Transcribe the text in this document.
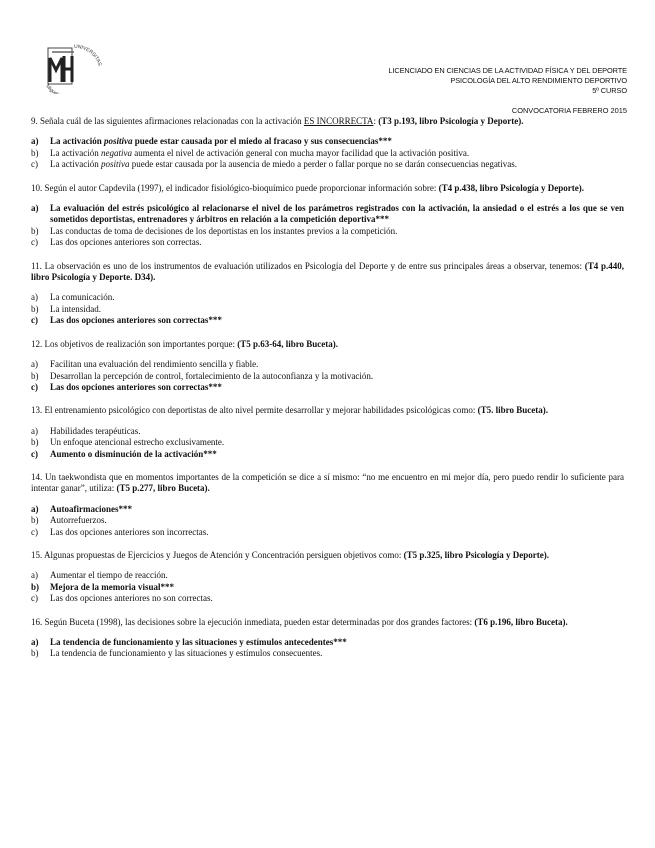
UNIVERSITAS
Migue
LICENCIADO EN CIENCIAS DE LA ACTIVIDAD FÍSICA Y DEL DEPORTE
PSICOLOGÍA DEL ALTO RENDIMIENTO DEPORTIVO
5º CURSO
CONVOCATORIA FEBRERO 2015
9. Señala cuál de las siguientes afirmaciones relacionadas con la activación ES INCORRECTA: (T3 p.193, libro Psicología y Deporte).
a)	La activación positiva puede estar causada por el miedo al fracaso y sus consecuencias***
b)	La activación negativa aumenta el nivel de activación general con mucha mayor facilidad que la activación positiva.
c)	La activación positiva puede estar causada por la ausencia de miedo a perder o fallar porque no se darán consecuencias negativas.
10. Según el autor Capdevila (1997), el indicador fisiológico-bioquímico puede proporcionar información sobre: (T4 p.438, libro Psicología y Deporte).
a)	La evaluación del estrés psicológico al relacionarse el nivel de los parámetros registrados con la activación, la ansiedad o el estrés a los que se ven sometidos deportistas, entrenadores y árbitros en relación a la competición deportiva***
b)	Las conductas de toma de decisiones de los deportistas en los instantes previos a la competición.
c)	Las dos opciones anteriores son correctas.
11. La observación es uno de los instrumentos de evaluación utilizados en Psicología del Deporte y de entre sus principales áreas a observar, tenemos: (T4 p.440, libro Psicología y Deporte. D34).
a)	La comunicación.
b)	La intensidad.
c)	Las dos opciones anteriores son correctas***
12. Los objetivos de realización son importantes porque: (T5 p.63-64, libro Buceta).
a)	Facilitan una evaluación del rendimiento sencilla y fiable.
b)	Desarrollan la percepción de control, fortalecimiento de la autoconfianza y la motivación.
c)	Las dos opciones anteriores son correctas***
13. El entrenamiento psicológico con deportistas de alto nivel permite desarrollar y mejorar habilidades psicológicas como: (T5. libro Buceta).
a)	Habilidades terapéuticas.
b)	Un enfoque atencional estrecho exclusivamente.
c)	Aumento o disminución de la activación***
14. Un taekwondista que en momentos importantes de la competición se dice a sí mismo: “no me encuentro en mi mejor día, pero puedo rendir lo suficiente para intentar ganar”, utiliza: (T5 p.277, libro Buceta).
a)	Autoafirmaciones***
b)	Autorrefuerzos.
c)	Las dos opciones anteriores son incorrectas.
15. Algunas propuestas de Ejercicios y Juegos de Atención y Concentración persiguen objetivos como: (T5 p.325, libro Psicología y Deporte).
a)	Aumentar el tiempo de reacción.
b)	Mejora de la memoria visual***
c)	Las dos opciones anteriores no son correctas.
16. Según Buceta (1998), las decisiones sobre la ejecución inmediata, pueden estar determinadas por dos grandes factores: (T6 p.196, libro Buceta).
a)	La tendencia de funcionamiento y las situaciones y estímulos antecedentes***
b)	La tendencia de funcionamiento y las situaciones y estímulos consecuentes.
